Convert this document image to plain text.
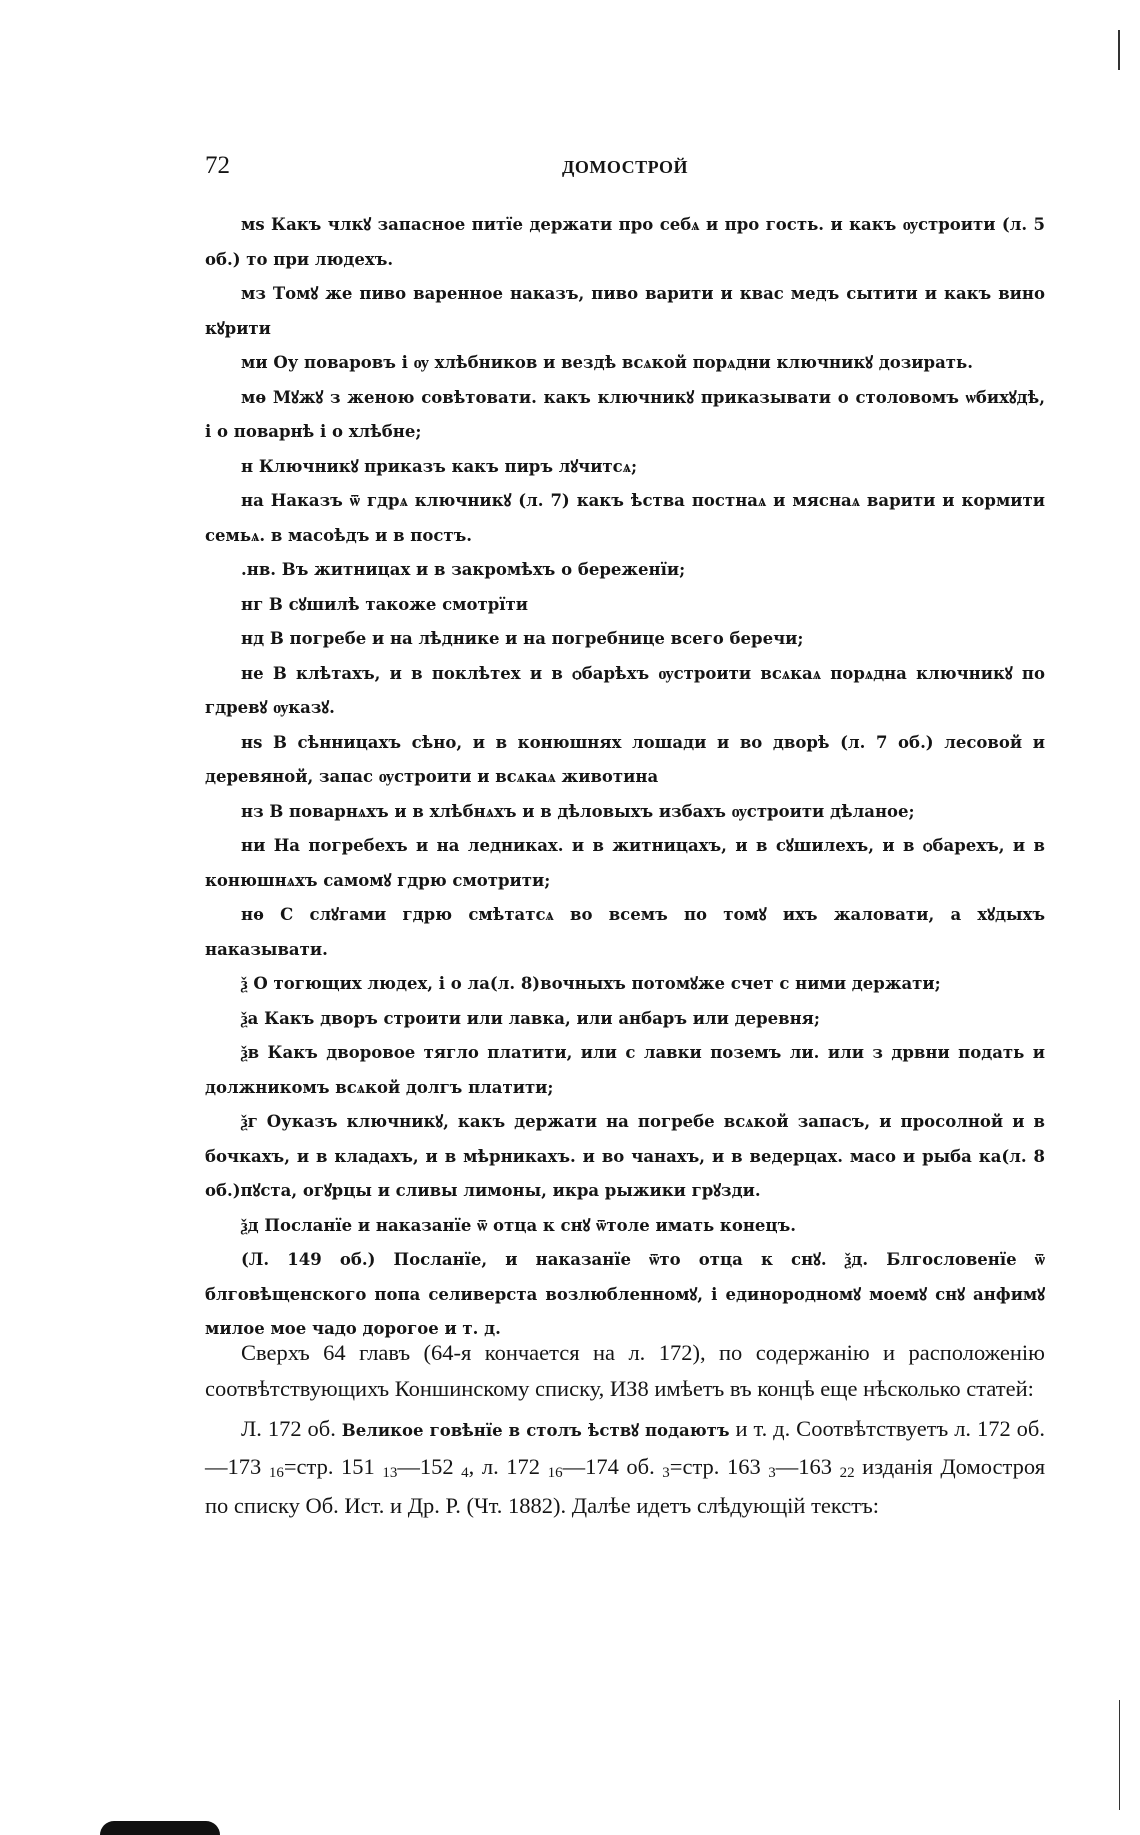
72	ДОМОСТРОЙ

мѕ Какъ члкꙋ запасное питїе держати про себѧ и про гость. и какъ ѹстроити (л. 5 об.) то при людехъ.

мз Томꙋ же пиво варенное наказъ, пиво варити и квас медъ сытити и какъ вино кꙋрити

ми Оу поваровъ і ѹ хлѣбников и вездѣ всѧкой порѧдни ключникꙋ дозирать.

мѳ Мꙋжꙋ з женою совѣтовати. какъ ключникꙋ приказывати о столовомъ ѡбихꙋдѣ, і о поварнѣ і о хлѣбне;

н Ключникꙋ приказъ какъ пиръ лꙋчитсѧ;

на Наказъ ѿ гдрѧ ключникꙋ (л. 7) какъ ѣства постнаѧ и мяснаѧ варити и кормити семьѧ. в масоѣдъ и в постъ.

.нв. Въ житницах и в закромѣхъ о береженїи;

нг В сꙋшилѣ такоже смотрїти

нд В погребе и на лѣднике и на погребнице всего беречи;

не В клѣтахъ, и в поклѣтех и в ѻбарѣхъ ѹстроити всѧкаѧ порѧдна ключникꙋ по гдревꙋ ѹказꙋ.

нѕ В сѣнницахъ сѣно, и в конюшнях лошади и во дворѣ (л. 7 об.) лесовой и деревяной, запас ѹстроити и всѧкаѧ животина

нз В поварнѧхъ и в хлѣбнѧхъ и в дѣловыхъ избахъ ѹстроити дѣланое;

ни На погребехъ и на ледниках. и в житницахъ, и в сꙋшилехъ, и в ѻбарехъ, и в конюшнѧхъ самомꙋ гдрю смотрити;

нѳ С слꙋгами гдрю смѣтатсѧ во всемъ по томꙋ ихъ жаловати, а хꙋдыхъ наказывати.

ѯ О тогющих людех, і о ла(л. 8)вочныхъ потомꙋже счет с ними держати;

ѯа Какъ дворъ строити или лавка, или анбаръ или деревня;

ѯв Какъ дворовое тягло платити, или с лавки поземъ ли. или з дрвни подать и должникомъ всѧкой долгъ платити;

ѯг Оуказъ ключникꙋ, какъ держати на погребе всѧкой запасъ, и просолной и в бочкахъ, и в кладахъ, и в мѣрникахъ. и во чанахъ, и в ведерцах. масо и рыба ка(л. 8 об.)пꙋста, огꙋрцы и сливы лимоны, икра рыжики грꙋзди.

ѯд Посланїе и наказанїе ѿ отца к снꙋ ѿтоле имать конецъ.

(Л. 149 об.) Посланїе, и наказанїе ѿто отца к снꙋ. ѯд. Блгословенїе ѿ блговѣщенского попа селиверста возлюбленномꙋ, і единородномꙋ моемꙋ снꙋ анфимꙋ милое мое чадо дорогое и т. д.

Сверхъ 64 главъ (64-я кончается на л. 172), по содержанію и расположенію соотвѣтствующихъ Коншинскому списку, ИЗ8 имѣетъ въ концѣ еще нѣсколько статей:

Л. 172 об. Великое говѣнїе в столъ ѣствꙋ подаютъ и т. д. Соотвѣтствуетъ л. 172 об.—173 16=стр. 151 13—152 4, л. 172 16—174 об. 3=стр. 163 3—163 22 изданія Домостроя по списку Об. Ист. и Др. Р. (Чт. 1882). Далѣе идетъ слѣдующій текстъ:
